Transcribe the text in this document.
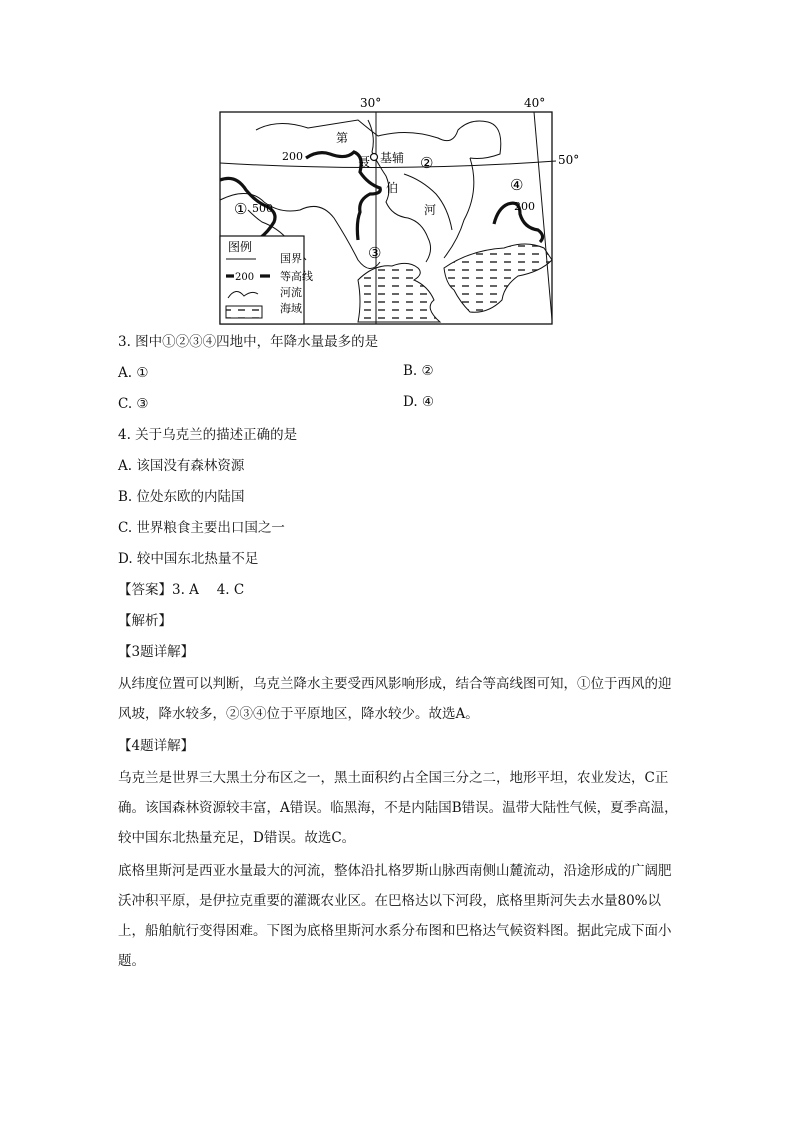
30°	40°
50°
基辅
第
聂
伯
河
①
②
③
④
200
500	200
图例
国界
200 等高线
河流
海域
3. 图中①②③④四地中，年降水量最多的是
A. ①	B. ②
C. ③	D. ④
4. 关于乌克兰的描述正确的是
A. 该国没有森林资源
B. 位处东欧的内陆国
C. 世界粮食主要出口国之一
D. 较中国东北热量不足
【答案】3. A　 4. C
【解析】
【3题详解】
从纬度位置可以判断，乌克兰降水主要受西风影响形成，结合等高线图可知，①位于西风的迎风坡，降水较多，②③④位于平原地区，降水较少。故选A。
【4题详解】
乌克兰是世界三大黑土分布区之一，黑土面积约占全国三分之二，地形平坦，农业发达，C正确。该国森林资源较丰富，A错误。临黑海，不是内陆国B错误。温带大陆性气候，夏季高温，较中国东北热量充足，D错误。故选C。
底格里斯河是西亚水量最大的河流，整体沿扎格罗斯山脉西南侧山麓流动，沿途形成的广阔肥沃冲积平原，是伊拉克重要的灌溉农业区。在巴格达以下河段，底格里斯河失去水量80%以上，船舶航行变得困难。下图为底格里斯河水系分布图和巴格达气候资料图。据此完成下面小题。
